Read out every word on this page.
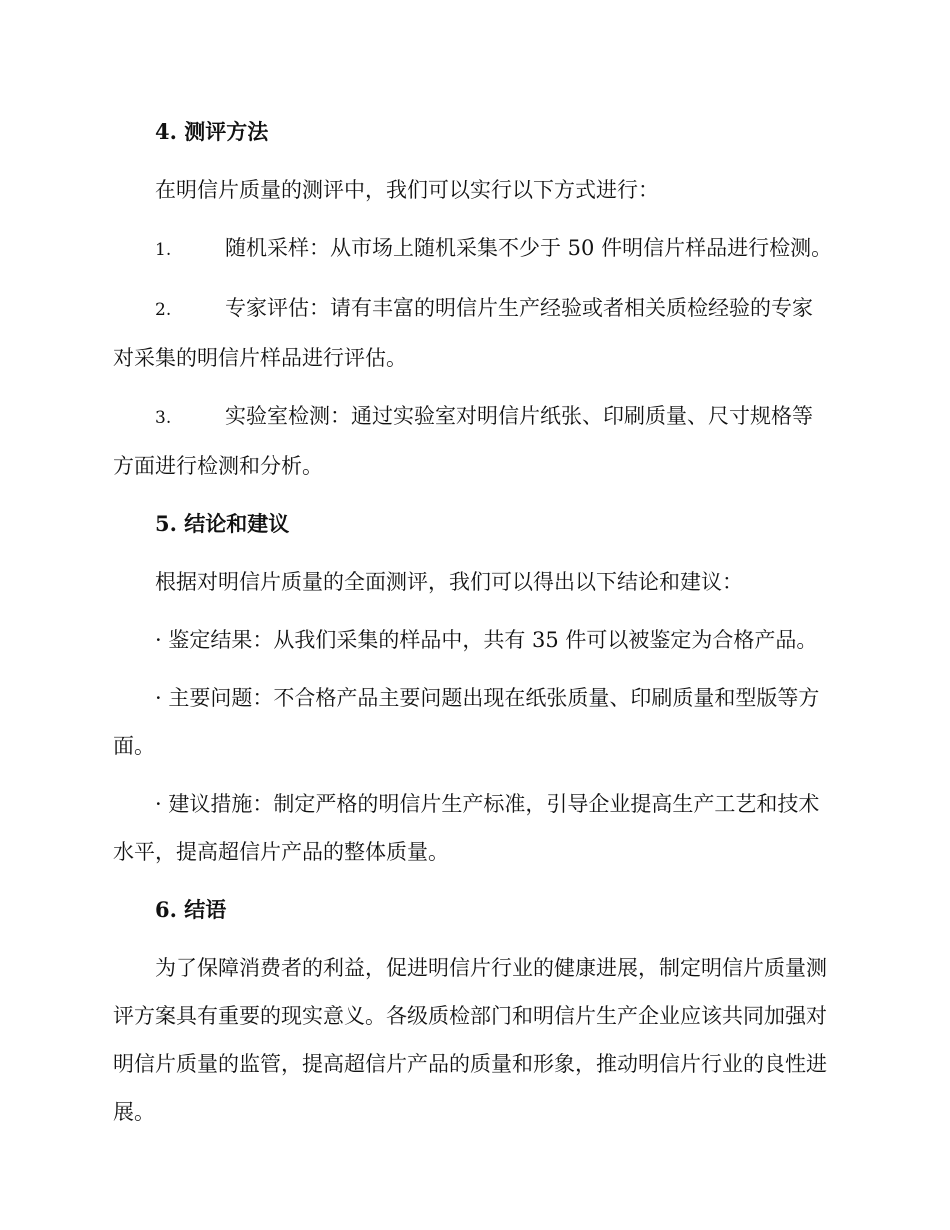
4. 测评方法

在明信片质量的测评中，我们可以实行以下方式进行：

1.	随机采样：从市场上随机采集不少于 50 件明信片样品进行检测。

2.	专家评估：请有丰富的明信片生产经验或者相关质检经验的专家对采集的明信片样品进行评估。

3.	实验室检测：通过实验室对明信片纸张、印刷质量、尺寸规格等方面进行检测和分析。

5. 结论和建议

根据对明信片质量的全面测评，我们可以得出以下结论和建议：

· 鉴定结果：从我们采集的样品中，共有 35 件可以被鉴定为合格产品。

· 主要问题：不合格产品主要问题出现在纸张质量、印刷质量和型版等方面。

· 建议措施：制定严格的明信片生产标准，引导企业提高生产工艺和技术水平，提高超信片产品的整体质量。

6. 结语

为了保障消费者的利益，促进明信片行业的健康进展，制定明信片质量测评方案具有重要的现实意义。各级质检部门和明信片生产企业应该共同加强对明信片质量的监管，提高超信片产品的质量和形象，推动明信片行业的良性进展。
